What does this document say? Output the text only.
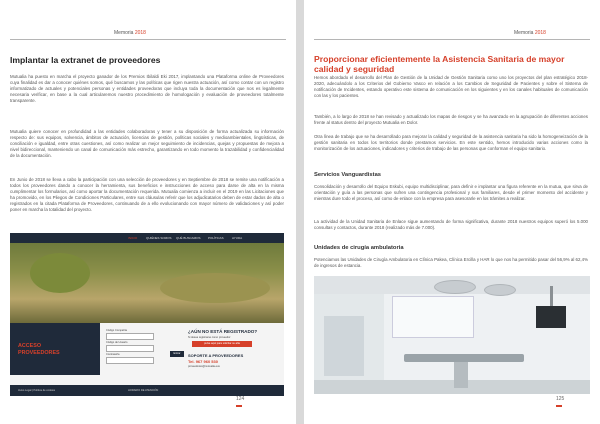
Memoria 2018
Implantar la extranet de proveedores

Mutualia ha puesto en marcha el proyecto ganador de los Premios Ibilaldi Eki 2017, implantando una Plataforma online de Proveedores cuya finalidad es dar a conocer quiénes somos, qué buscamos y las políticas que rigen nuestra actuación, así como contar con un registro informatizado de actuales y potenciales personas y entidades proveedoras que incluya toda la documentación que nos es legalmente necesaria verificar, en base a la cual articularemos nuestro procedimiento de homologación y evaluación de proveedores totalmente transparente.

Mutualia quiere conocer en profundidad a las entidades colaboradoras y tener a su disposición de forma actualizada su información respecto de: sus equipos, solvencia, ámbitos de actuación, licencias de gestión, políticas sociales y medioambientales, lingüísticas, de conciliación e igualdad, entre otras cuestiones, así como realizar un mejor seguimiento de incidencias, quejas y propuestas de mejora a nivel bidireccional, manteniendo un canal de comunicación más estrecho, garantizando en todo momento la trazabilidad y confidencialidad de la documentación.

En Junio de 2018 se lleva a cabo la participación con una selección de proveedores y en Septiembre de 2018 se remite una notificación a todos los proveedores dando a conocer la herramienta, sus beneficios e instrucciones de acceso para darse de alta en la misma cumplimentar los formularios, así como aportar la documentación requerida. Mutualia comienza a incluir en el 2019 en las Licitaciones que ha promovido, en los Pliegos de Condiciones Particulares, entre sus cláusulas referir que los adjudicatarios deben de estar dados de alta o registrados en la citada Plataforma de Proveedores, continuando de a ello evolucionando con mayor número de validaciones y así poder poner en marcha la totalidad del proyecto.

INICIO	QUIÉNES SOMOS QUÉ BUSCAMOS POLÍTICAS	AYUDA
ACCESO
PROVEEDORES
Código Compañía
Código de Usuario
Contraseña	Entrar
¿AÚN NO ESTÁ REGISTRADO?
Si desea registrarse como proveedor
pulse aquí para solicitar su alta
SOPORTE A PROVEEDORES
Tel. 967 960 530
proveedores@mutualia.eus
Aviso Legal | Política de cookies	HORARIO DE ATENCIÓN
124
Memoria 2018
Proporcionar eficientemente la Asistencia Sanitaria de mayor calidad y seguridad

Hemos abordado el desarrollo del Plan de Gestión de la Unidad de Gestión Sanitaria como uno los proyectos del plan estratégico 2018-2020, adecuándolo a los Criterios del Gobierno Vasco en relación a los Cambios de Seguridad de Pacientes y sobre el Sistema de notificación de Incidentes, estando operativo este sistema de comunicación en los siguientes y en los canales habituales de comunicación con las y los pacientes.

También, a lo largo de 2018 se han revisado y actualizado los mapas de riesgos y se ha avanzado en la agrupación de diferentes acciones frente al status dentro del proyecto Mutualia en Dolor.

Otra línea de trabajo que se ha desarrollado para mejorar la calidad y seguridad de la asistencia sanitaria ha sido la homogeneización de la gestión sanitaria en todos los territorios donde prestamos servicios. En este sentido, hemos introducido varias acciones como la monitorización de los actuaciones, indicadores y criterios de trabajo de las personas que conforman el equipo sanitario.

Servicios Vanguardistas

Consolidación y desarrollo del Equipo Eskubi, equipo multidisciplinar, para definir e implantar una figura referente en la mutua, que sirva de orientación y guía a las personas que sufren una contingencia profesional y sus familiares, desde el primer momento del accidente y mientras dure todo el proceso, así como de enlace con la empresa para asesorarle en los trámites a realizar.

La actividad de la Unidad Sanitaria de Enlace sigue aumentando de forma significativa, durante 2018 nuestros equipos superó los 5.000 consultas y contactos, durante 2018 (realizado más de 7.000).

Unidades de cirugía ambulatoria

Potenciamos las Unidades de Cirugía Ambulatoria en Clínica Pakea, Clínica Ercilla y HAR lo que nos ha permitido pasar del 56,9% al 62,4% de ingresos de estancia.

125
